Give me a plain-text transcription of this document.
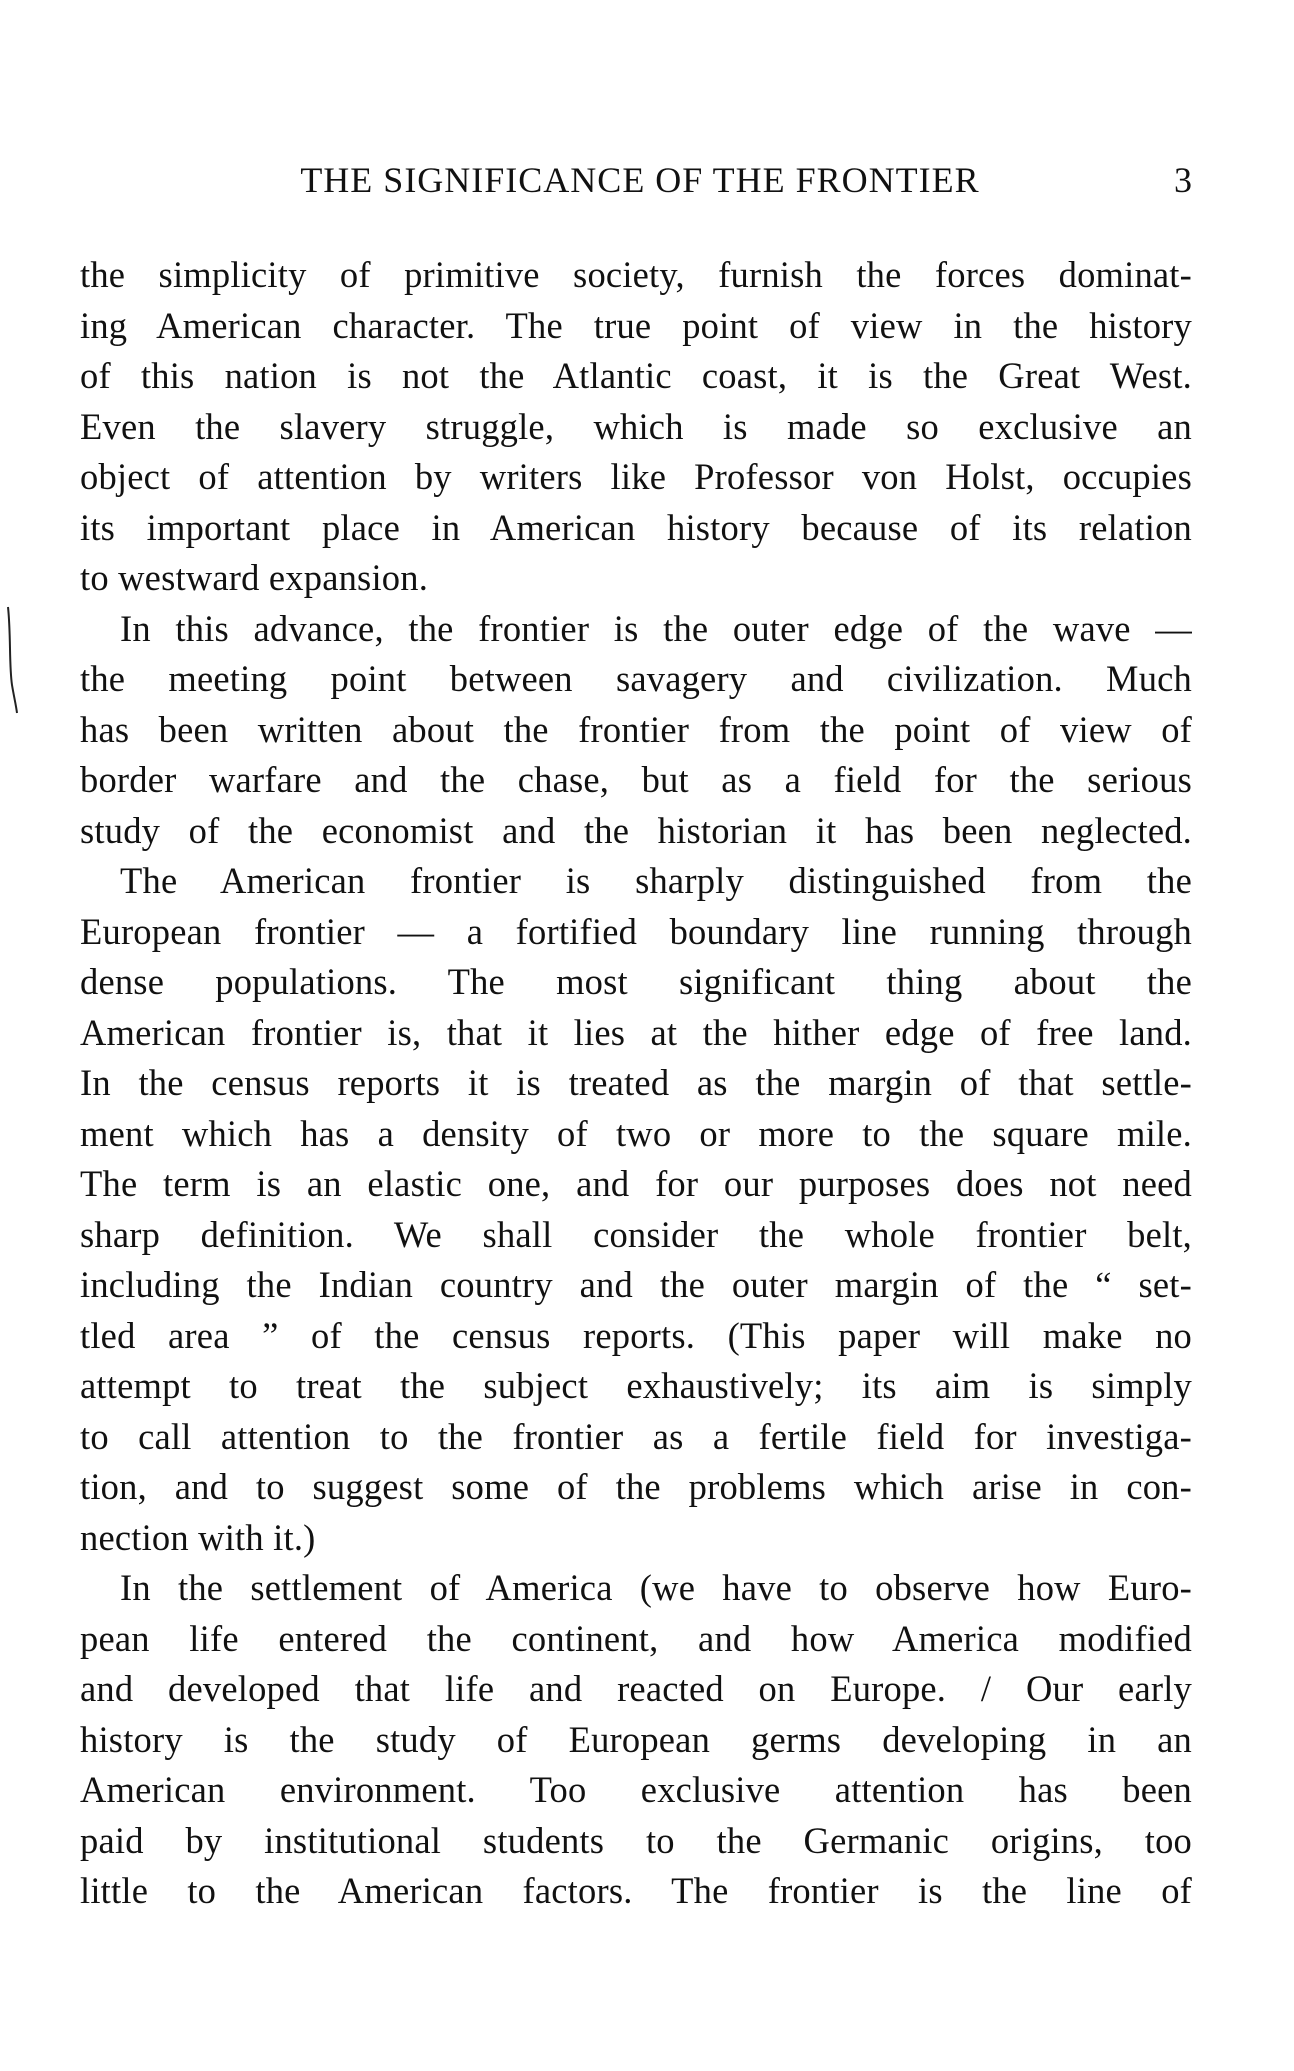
THE SIGNIFICANCE OF THE FRONTIER	3
the simplicity of primitive society, furnish the forces dominat-
ing American character. The true point of view in the history
of this nation is not the Atlantic coast, it is the Great West.
Even the slavery struggle, which is made so exclusive an
object of attention by writers like Professor von Holst, occupies
its important place in American history because of its relation
to westward expansion.
In this advance, the frontier is the outer edge of the wave —
the meeting point between savagery and civilization. Much
has been written about the frontier from the point of view of
border warfare and the chase, but as a field for the serious
study of the economist and the historian it has been neglected.
The American frontier is sharply distinguished from the
European frontier — a fortified boundary line running through
dense populations. The most significant thing about the
American frontier is, that it lies at the hither edge of free land.
In the census reports it is treated as the margin of that settle-
ment which has a density of two or more to the square mile.
The term is an elastic one, and for our purposes does not need
sharp definition. We shall consider the whole frontier belt,
including the Indian country and the outer margin of the “ set-
tled area ” of the census reports. (This paper will make no
attempt to treat the subject exhaustively; its aim is simply
to call attention to the frontier as a fertile field for investiga-
tion, and to suggest some of the problems which arise in con-
nection with it.)
In the settlement of America (we have to observe how Euro-
pean life entered the continent, and how America modified
and developed that life and reacted on Europe. / Our early
history is the study of European germs developing in an
American environment. Too exclusive attention has been
paid by institutional students to the Germanic origins, too
little to the American factors. The frontier is the line of
